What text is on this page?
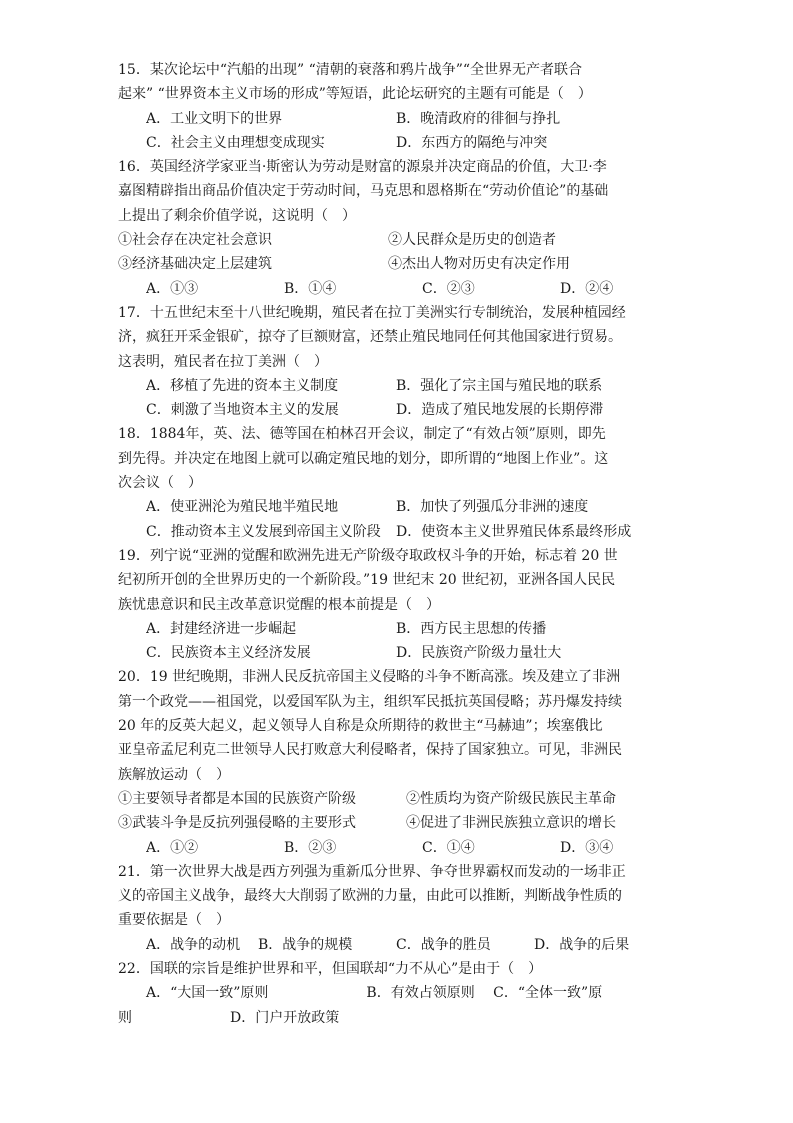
15．某次论坛中“汽船的出现” “清朝的衰落和鸦片战争”“全世界无产者联合
起来” “世界资本主义市场的形成”等短语，此论坛研究的主题有可能是（　）
A．工业文明下的世界	B．晚清政府的徘徊与挣扎
C．社会主义由理想变成现实	D．东西方的隔绝与冲突
16．英国经济学家亚当·斯密认为劳动是财富的源泉并决定商品的价值，大卫·李
嘉图精辟指出商品价值决定于劳动时间，马克思和恩格斯在“劳动价值论”的基础
上提出了剩余价值学说，这说明（　）
①社会存在决定社会意识	②人民群众是历史的创造者
③经济基础决定上层建筑	④杰出人物对历史有决定作用
A．①③	B．①④	C．②③	D．②④
17．十五世纪末至十八世纪晚期，殖民者在拉丁美洲实行专制统治，发展种植园经
济，疯狂开采金银矿，掠夺了巨额财富，还禁止殖民地同任何其他国家进行贸易。
这表明，殖民者在拉丁美洲（　）
A．移植了先进的资本主义制度	B．强化了宗主国与殖民地的联系
C．刺激了当地资本主义的发展	D．造成了殖民地发展的长期停滞
18．1884年，英、法、德等国在柏林召开会议，制定了“有效占领”原则，即先
到先得。并决定在地图上就可以确定殖民地的划分，即所谓的“地图上作业”。这
次会议（　）
A．使亚洲沦为殖民地半殖民地	B．加快了列强瓜分非洲的速度
C．推动资本主义发展到帝国主义阶段	D．使资本主义世界殖民体系最终形成
19．列宁说“亚洲的觉醒和欧洲先进无产阶级夺取政权斗争的开始，标志着 20 世
纪初所开创的全世界历史的一个新阶段。”19 世纪末 20 世纪初，亚洲各国人民民
族忧患意识和民主改革意识觉醒的根本前提是（　）
A．封建经济进一步崛起	B．西方民主思想的传播
C．民族资本主义经济发展	D．民族资产阶级力量壮大
20．19 世纪晚期，非洲人民反抗帝国主义侵略的斗争不断高涨。埃及建立了非洲
第一个政党——祖国党，以爱国军队为主，组织军民抵抗英国侵略；苏丹爆发持续
20 年的反英大起义，起义领导人自称是众所期待的救世主“马赫迪”；埃塞俄比
亚皇帝孟尼利克二世领导人民打败意大利侵略者，保持了国家独立。可见，非洲民
族解放运动（　）
①主要领导者都是本国的民族资产阶级	②性质均为资产阶级民族民主革命
③武装斗争是反抗列强侵略的主要形式	④促进了非洲民族独立意识的增长
A．①②	B．②③	C．①④	D．③④
21．第一次世界大战是西方列强为重新瓜分世界、争夺世界霸权而发动的一场非正
义的帝国主义战争，最终大大削弱了欧洲的力量，由此可以推断，判断战争性质的
重要依据是（　）
A．战争的动机	B．战争的规模	C．战争的胜员	D．战争的后果
22．国联的宗旨是维护世界和平，但国联却“力不从心”是由于（　）
A．“大国一致”原则　　　　　　　B．有效占领原则　 C．“全体一致”原
则　　　　　　　D．门户开放政策
